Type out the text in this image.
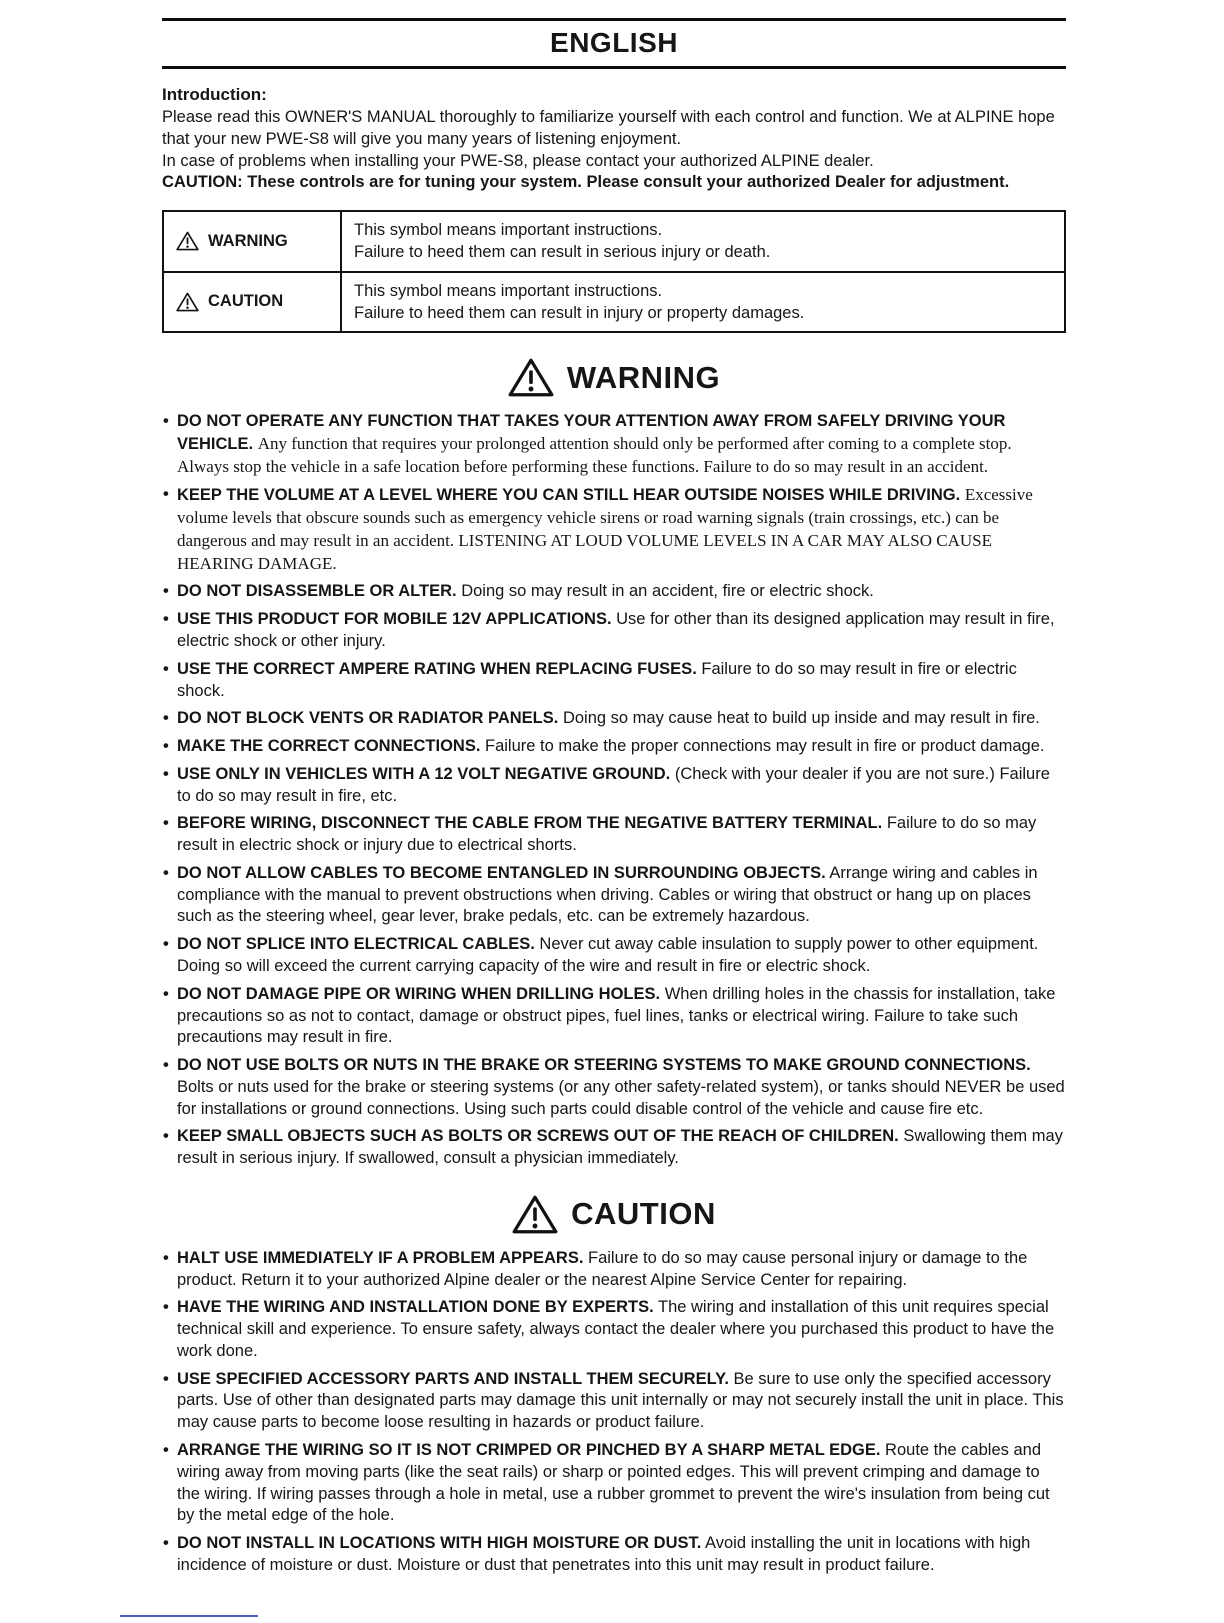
ENGLISH
Introduction:

Please read this OWNER'S MANUAL thoroughly to familiarize yourself with each control and function. We at ALPINE hope that your new PWE-S8 will give you many years of listening enjoyment.

In case of problems when installing your PWE-S8, please contact your authorized ALPINE dealer.

CAUTION: These controls are for tuning your system. Please consult your authorized Dealer for adjustment.

WARNING	This symbol means important instructions.
Failure to heed them can result in serious injury or death.

CAUTION	This symbol means important instructions.
Failure to heed them can result in injury or property damages.
WARNING
• DO NOT OPERATE ANY FUNCTION THAT TAKES YOUR ATTENTION AWAY FROM SAFELY DRIVING YOUR VEHICLE. Any function that requires your prolonged attention should only be performed after coming to a complete stop. Always stop the vehicle in a safe location before performing these functions. Failure to do so may result in an accident.
• KEEP THE VOLUME AT A LEVEL WHERE YOU CAN STILL HEAR OUTSIDE NOISES WHILE DRIVING. Excessive volume levels that obscure sounds such as emergency vehicle sirens or road warning signals (train crossings, etc.) can be dangerous and may result in an accident. LISTENING AT LOUD VOLUME LEVELS IN A CAR MAY ALSO CAUSE HEARING DAMAGE.
• DO NOT DISASSEMBLE OR ALTER. Doing so may result in an accident, fire or electric shock.
• USE THIS PRODUCT FOR MOBILE 12V APPLICATIONS. Use for other than its designed application may result in fire, electric shock or other injury.
• USE THE CORRECT AMPERE RATING WHEN REPLACING FUSES. Failure to do so may result in fire or electric shock.
• DO NOT BLOCK VENTS OR RADIATOR PANELS. Doing so may cause heat to build up inside and may result in fire.
• MAKE THE CORRECT CONNECTIONS. Failure to make the proper connections may result in fire or product damage.
• USE ONLY IN VEHICLES WITH A 12 VOLT NEGATIVE GROUND. (Check with your dealer if you are not sure.) Failure to do so may result in fire, etc.
• BEFORE WIRING, DISCONNECT THE CABLE FROM THE NEGATIVE BATTERY TERMINAL. Failure to do so may result in electric shock or injury due to electrical shorts.
• DO NOT ALLOW CABLES TO BECOME ENTANGLED IN SURROUNDING OBJECTS. Arrange wiring and cables in compliance with the manual to prevent obstructions when driving. Cables or wiring that obstruct or hang up on places such as the steering wheel, gear lever, brake pedals, etc. can be extremely hazardous.
• DO NOT SPLICE INTO ELECTRICAL CABLES. Never cut away cable insulation to supply power to other equipment. Doing so will exceed the current carrying capacity of the wire and result in fire or electric shock.
• DO NOT DAMAGE PIPE OR WIRING WHEN DRILLING HOLES. When drilling holes in the chassis for installation, take precautions so as not to contact, damage or obstruct pipes, fuel lines, tanks or electrical wiring. Failure to take such precautions may result in fire.
• DO NOT USE BOLTS OR NUTS IN THE BRAKE OR STEERING SYSTEMS TO MAKE GROUND CONNECTIONS. Bolts or nuts used for the brake or steering systems (or any other safety-related system), or tanks should NEVER be used for installations or ground connections. Using such parts could disable control of the vehicle and cause fire etc.
• KEEP SMALL OBJECTS SUCH AS BOLTS OR SCREWS OUT OF THE REACH OF CHILDREN. Swallowing them may result in serious injury. If swallowed, consult a physician immediately.
CAUTION
• HALT USE IMMEDIATELY IF A PROBLEM APPEARS. Failure to do so may cause personal injury or damage to the product. Return it to your authorized Alpine dealer or the nearest Alpine Service Center for repairing.
• HAVE THE WIRING AND INSTALLATION DONE BY EXPERTS. The wiring and installation of this unit requires special technical skill and experience. To ensure safety, always contact the dealer where you purchased this product to have the work done.
• USE SPECIFIED ACCESSORY PARTS AND INSTALL THEM SECURELY. Be sure to use only the specified accessory parts. Use of other than designated parts may damage this unit internally or may not securely install the unit in place. This may cause parts to become loose resulting in hazards or product failure.
• ARRANGE THE WIRING SO IT IS NOT CRIMPED OR PINCHED BY A SHARP METAL EDGE. Route the cables and wiring away from moving parts (like the seat rails) or sharp or pointed edges. This will prevent crimping and damage to the wiring. If wiring passes through a hole in metal, use a rubber grommet to prevent the wire's insulation from being cut by the metal edge of the hole.
• DO NOT INSTALL IN LOCATIONS WITH HIGH MOISTURE OR DUST. Avoid installing the unit in locations with high incidence of moisture or dust. Moisture or dust that penetrates into this unit may result in product failure.
